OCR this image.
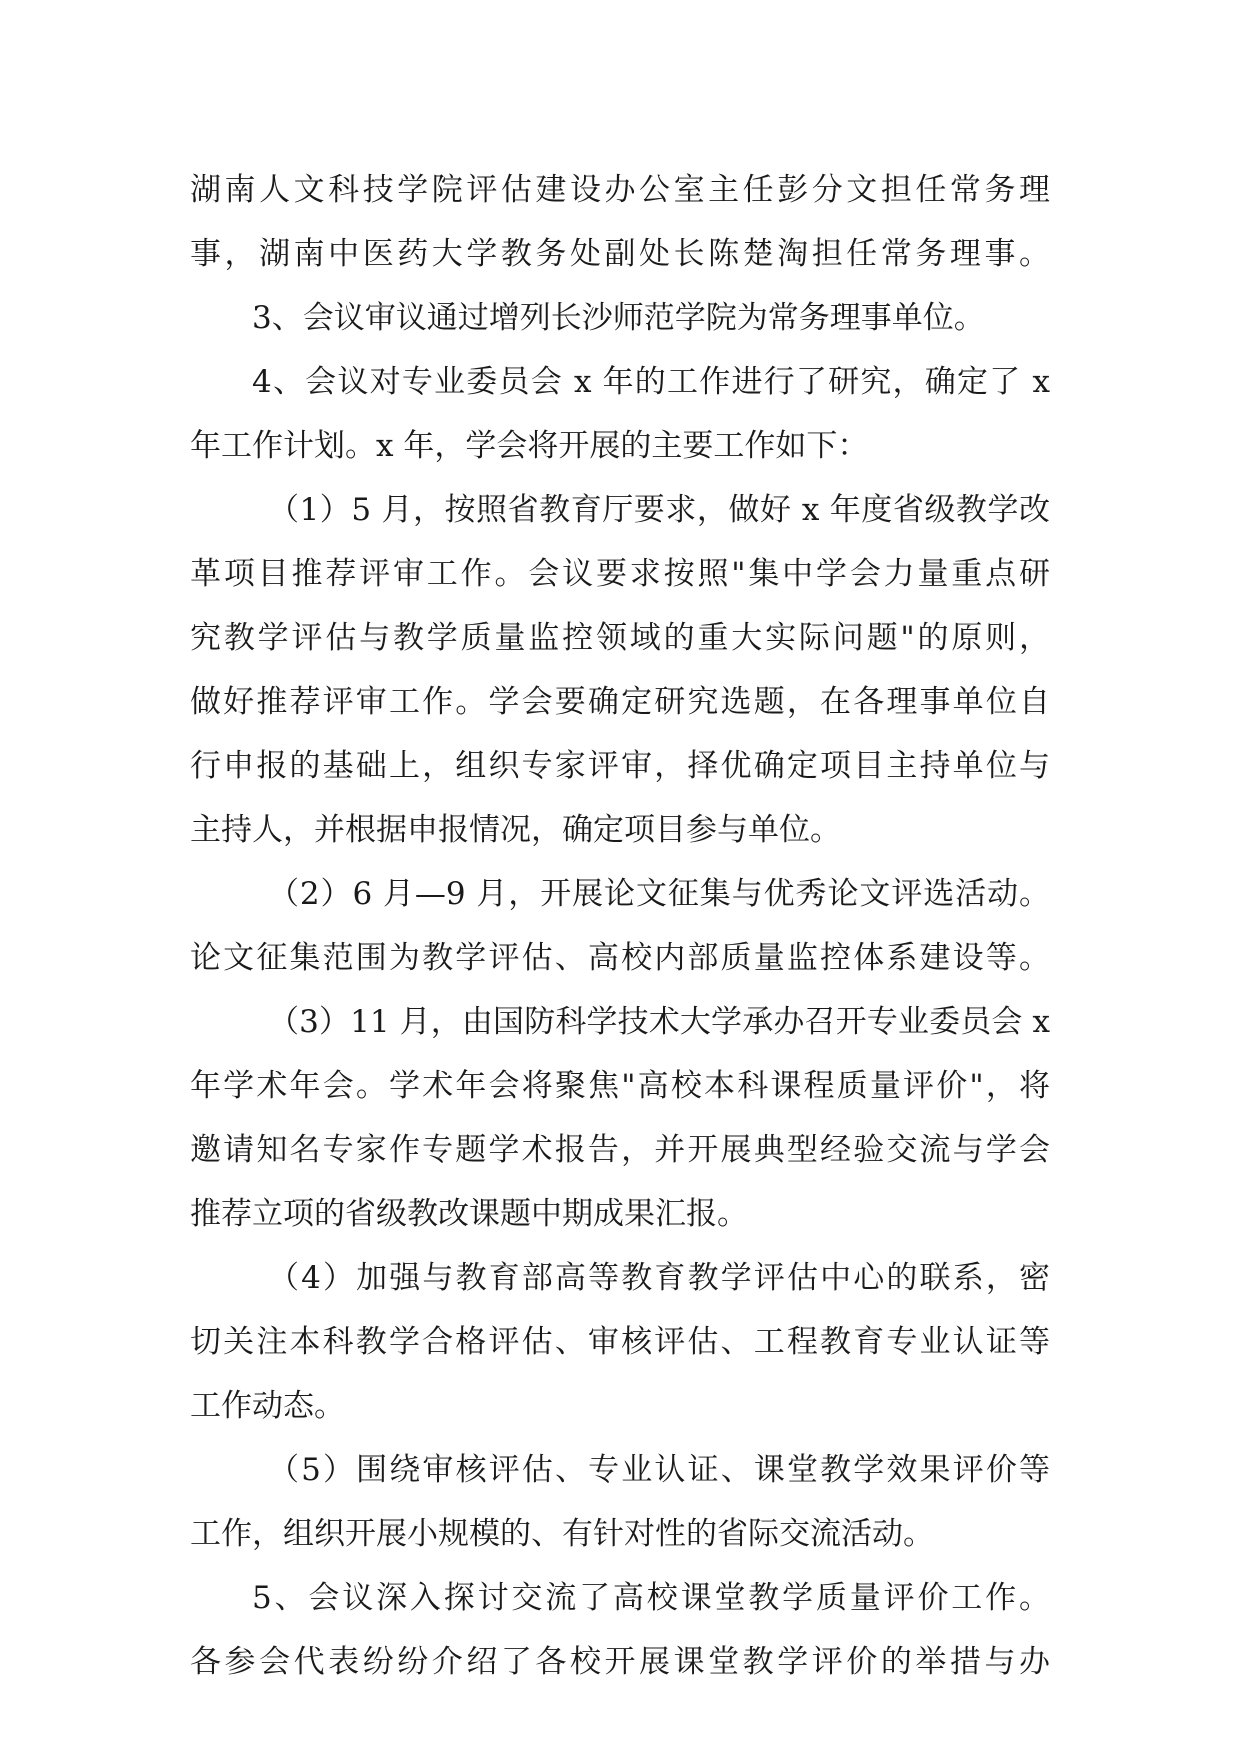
湖南人文科技学院评估建设办公室主任彭分文担任常务理
事，湖南中医药大学教务处副处长陈楚淘担任常务理事。
3、会议审议通过增列长沙师范学院为常务理事单位。
4、会议对专业委员会 x 年的工作进行了研究，确定了 x
年工作计划。x 年，学会将开展的主要工作如下：
（1）5 月，按照省教育厅要求，做好 x 年度省级教学改
革项目推荐评审工作。会议要求按照"集中学会力量重点研
究教学评估与教学质量监控领域的重大实际问题"的原则，
做好推荐评审工作。学会要确定研究选题，在各理事单位自
行申报的基础上，组织专家评审，择优确定项目主持单位与
主持人，并根据申报情况，确定项目参与单位。
（2）6 月—9 月，开展论文征集与优秀论文评选活动。
论文征集范围为教学评估、高校内部质量监控体系建设等。
（3）11 月，由国防科学技术大学承办召开专业委员会 x
年学术年会。学术年会将聚焦"高校本科课程质量评价"，将
邀请知名专家作专题学术报告，并开展典型经验交流与学会
推荐立项的省级教改课题中期成果汇报。
（4）加强与教育部高等教育教学评估中心的联系，密
切关注本科教学合格评估、审核评估、工程教育专业认证等
工作动态。
（5）围绕审核评估、专业认证、课堂教学效果评价等
工作，组织开展小规模的、有针对性的省际交流活动。
5、会议深入探讨交流了高校课堂教学质量评价工作。
各参会代表纷纷介绍了各校开展课堂教学评价的举措与办
